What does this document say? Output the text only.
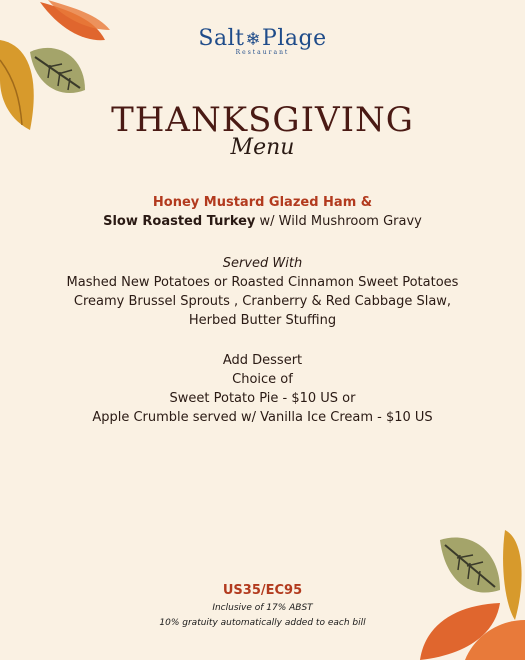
Salt❄Plage
Restaurant
THANKSGIVING
Menu
Honey Mustard Glazed Ham &
Slow Roasted Turkey w/ Wild Mushroom Gravy
Served With
Mashed New Potatoes or Roasted Cinnamon Sweet Potatoes
Creamy Brussel Sprouts , Cranberry & Red Cabbage Slaw,
Herbed Butter Stuffing
Add Dessert
Choice of
Sweet Potato Pie - $10 US or
Apple Crumble served w/ Vanilla Ice Cream - $10 US
US35/EC95
Inclusive of 17% ABST
10% gratuity automatically added to each bill
